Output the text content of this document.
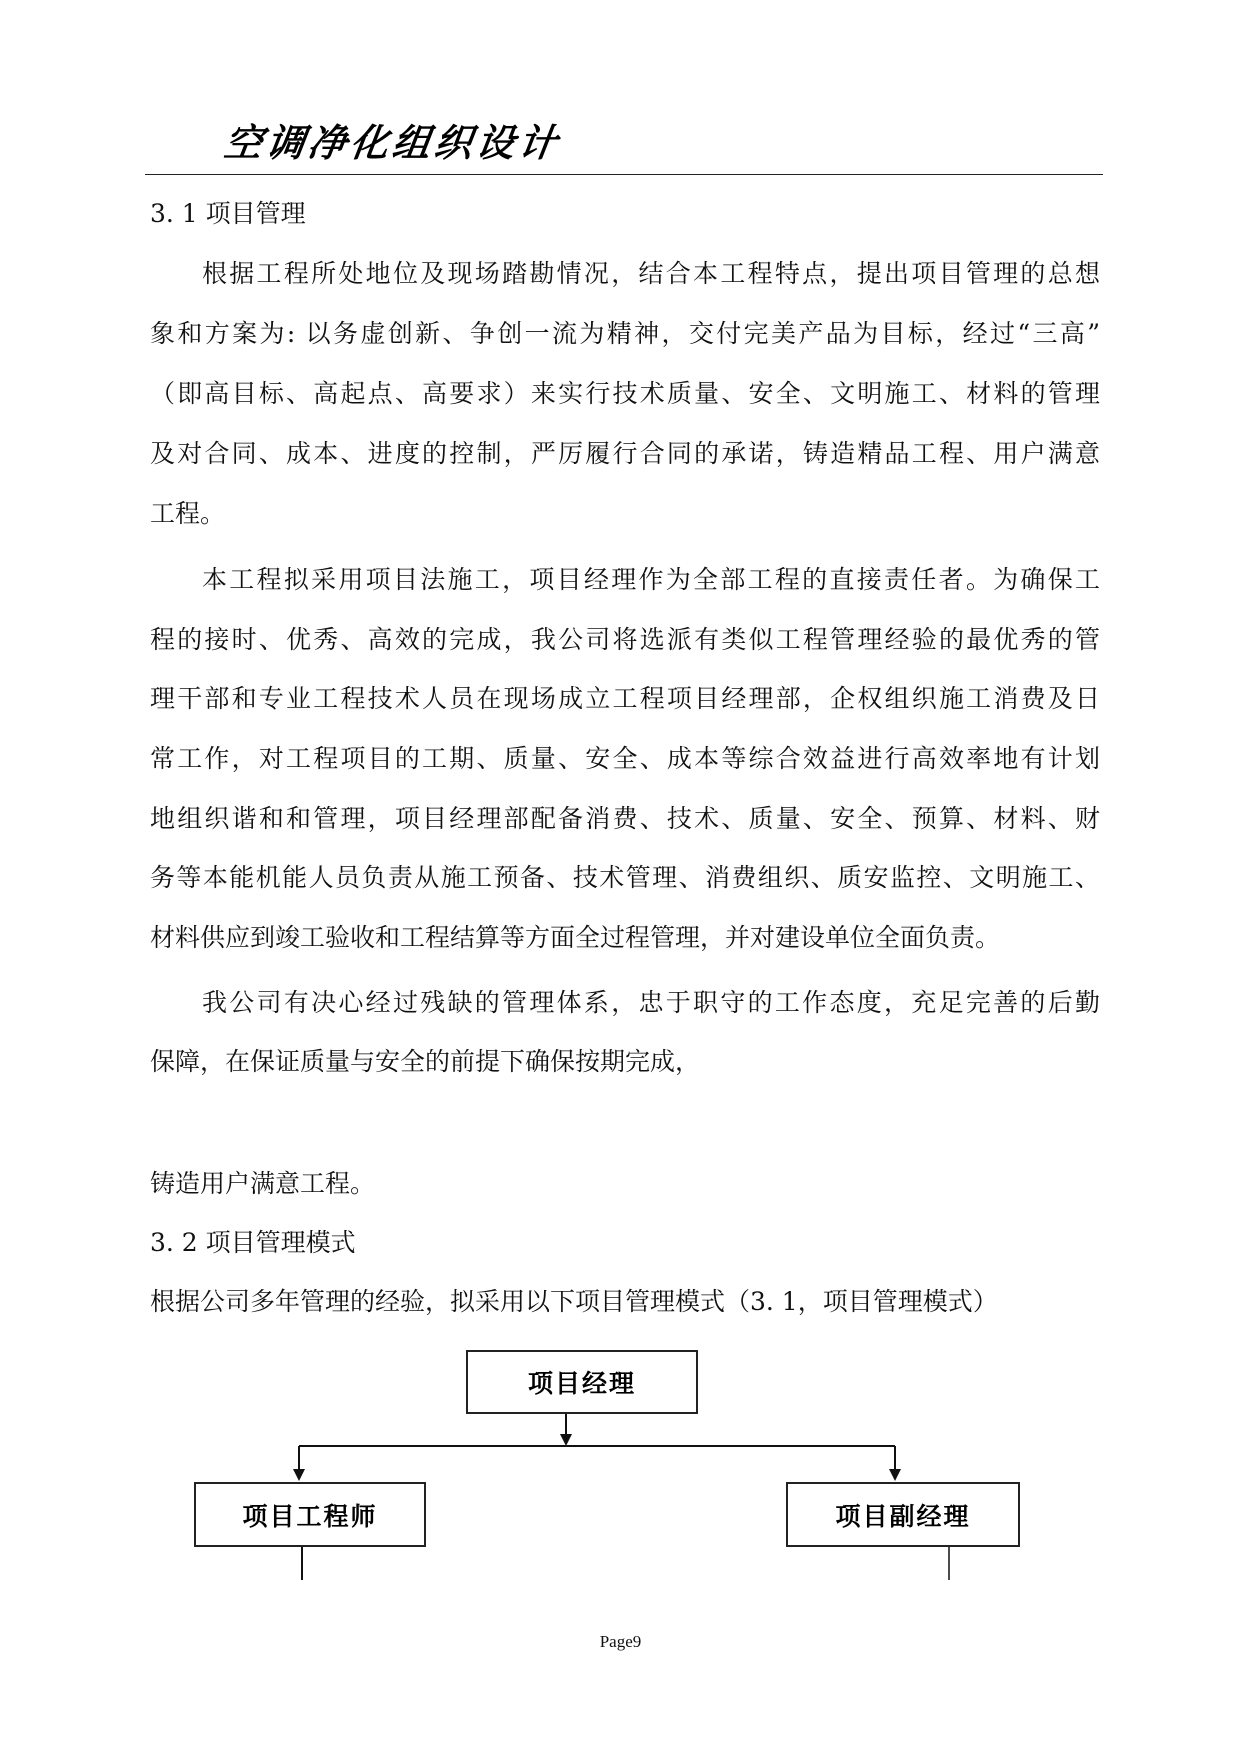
空调净化组织设计
3. 1 项目管理
根据工程所处地位及现场踏勘情况，结合本工程特点，提出项目管理的总想
象和方案为: 以务虚创新、争创一流为精神，交付完美产品为目标，经过“三高”
（即高目标、高起点、高要求）来实行技术质量、安全、文明施工、材料的管理
及对合同、成本、进度的控制，严厉履行合同的承诺，铸造精品工程、用户满意
工程。
本工程拟采用项目法施工，项目经理作为全部工程的直接责任者。为确保工
程的接时、优秀、高效的完成，我公司将选派有类似工程管理经验的最优秀的管
理干部和专业工程技术人员在现场成立工程项目经理部，企权组织施工消费及日
常工作，对工程项目的工期、质量、安全、成本等综合效益进行高效率地有计划
地组织谐和和管理，项目经理部配备消费、技术、质量、安全、预算、材料、财
务等本能机能人员负责从施工预备、技术管理、消费组织、质安监控、文明施工、
材料供应到竣工验收和工程结算等方面全过程管理，并对建设单位全面负责。
我公司有决心经过残缺的管理体系，忠于职守的工作态度，充足完善的后勤
保障，在保证质量与安全的前提下确保按期完成，
铸造用户满意工程。
3. 2 项目管理模式
根据公司多年管理的经验，拟采用以下项目管理模式（3. 1，项目管理模式）
项目经理
项目工程师	项目副经理
Page9
